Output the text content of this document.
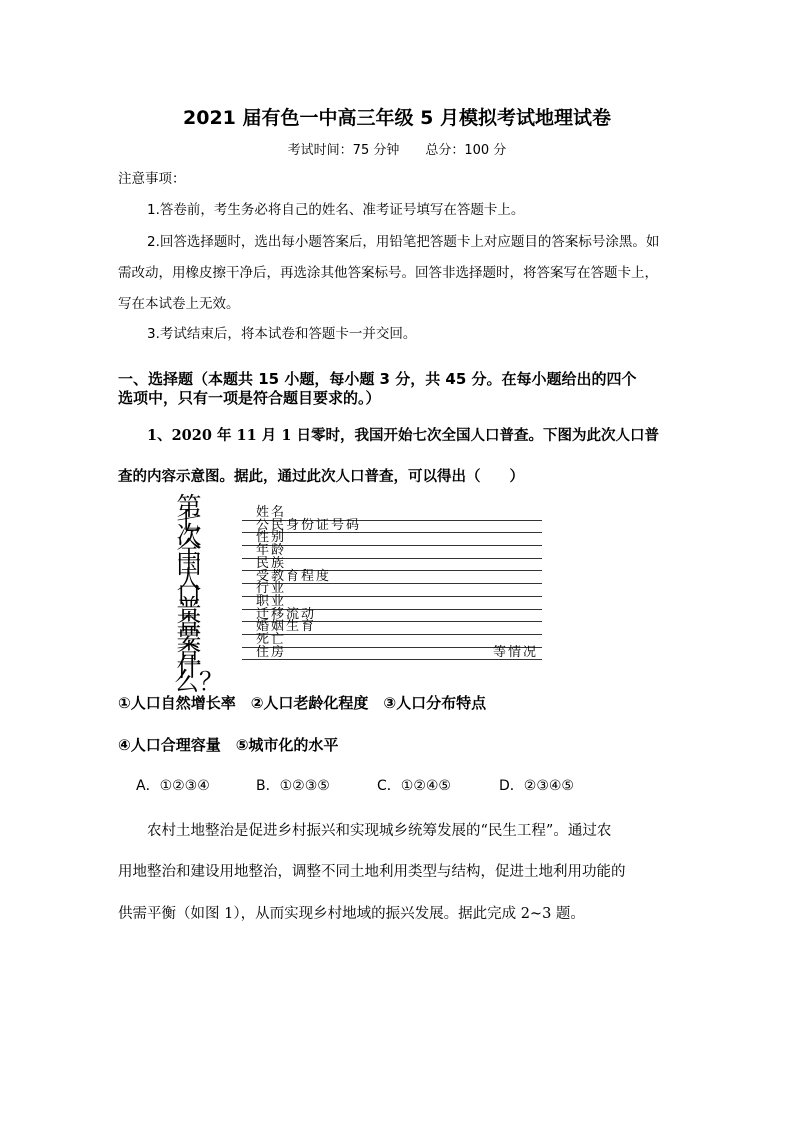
2021 届有色一中高三年级 5 月模拟考试地理试卷
考试时间：75 分钟 总分：100 分
注意事项：
1.答卷前，考生务必将自己的姓名、准考证号填写在答题卡上。
2.回答选择题时，选出每小题答案后，用铅笔把答题卡上对应题目的答案标号涂黑。如
需改动，用橡皮擦干净后，再选涂其他答案标号。回答非选择题时，将答案写在答题卡上，
写在本试卷上无效。
3.考试结束后，将本试卷和答题卡一并交回。
一、选择题（本题共 15 小题，每小题 3 分，共 45 分。在每小题给出的四个
选项中，只有一项是符合题目要求的。）
1、2020 年 11 月 1 日零时，我国开始七次全国人口普查。下图为此次人口普
查的内容示意图。据此，通过此次人口普查，可以得出（　　）
第七次全国人口普查要查什么？
姓名
公民身份证号码
性别
年龄
民族
受教育程度
行业
职业
迁移流动
婚姻生育
死亡
住房	等情况
①人口自然增长率　②人口老龄化程度　③人口分布特点
④人口合理容量　⑤城市化的水平
A．①②③④	B．①②③⑤	C．①②④⑤	D．②③④⑤
农村土地整治是促进乡村振兴和实现城乡统筹发展的“民生工程”。通过农
用地整治和建设用地整治，调整不同土地利用类型与结构，促进土地利用功能的
供需平衡（如图 1），从而实现乡村地域的振兴发展。据此完成 2~3 题。
